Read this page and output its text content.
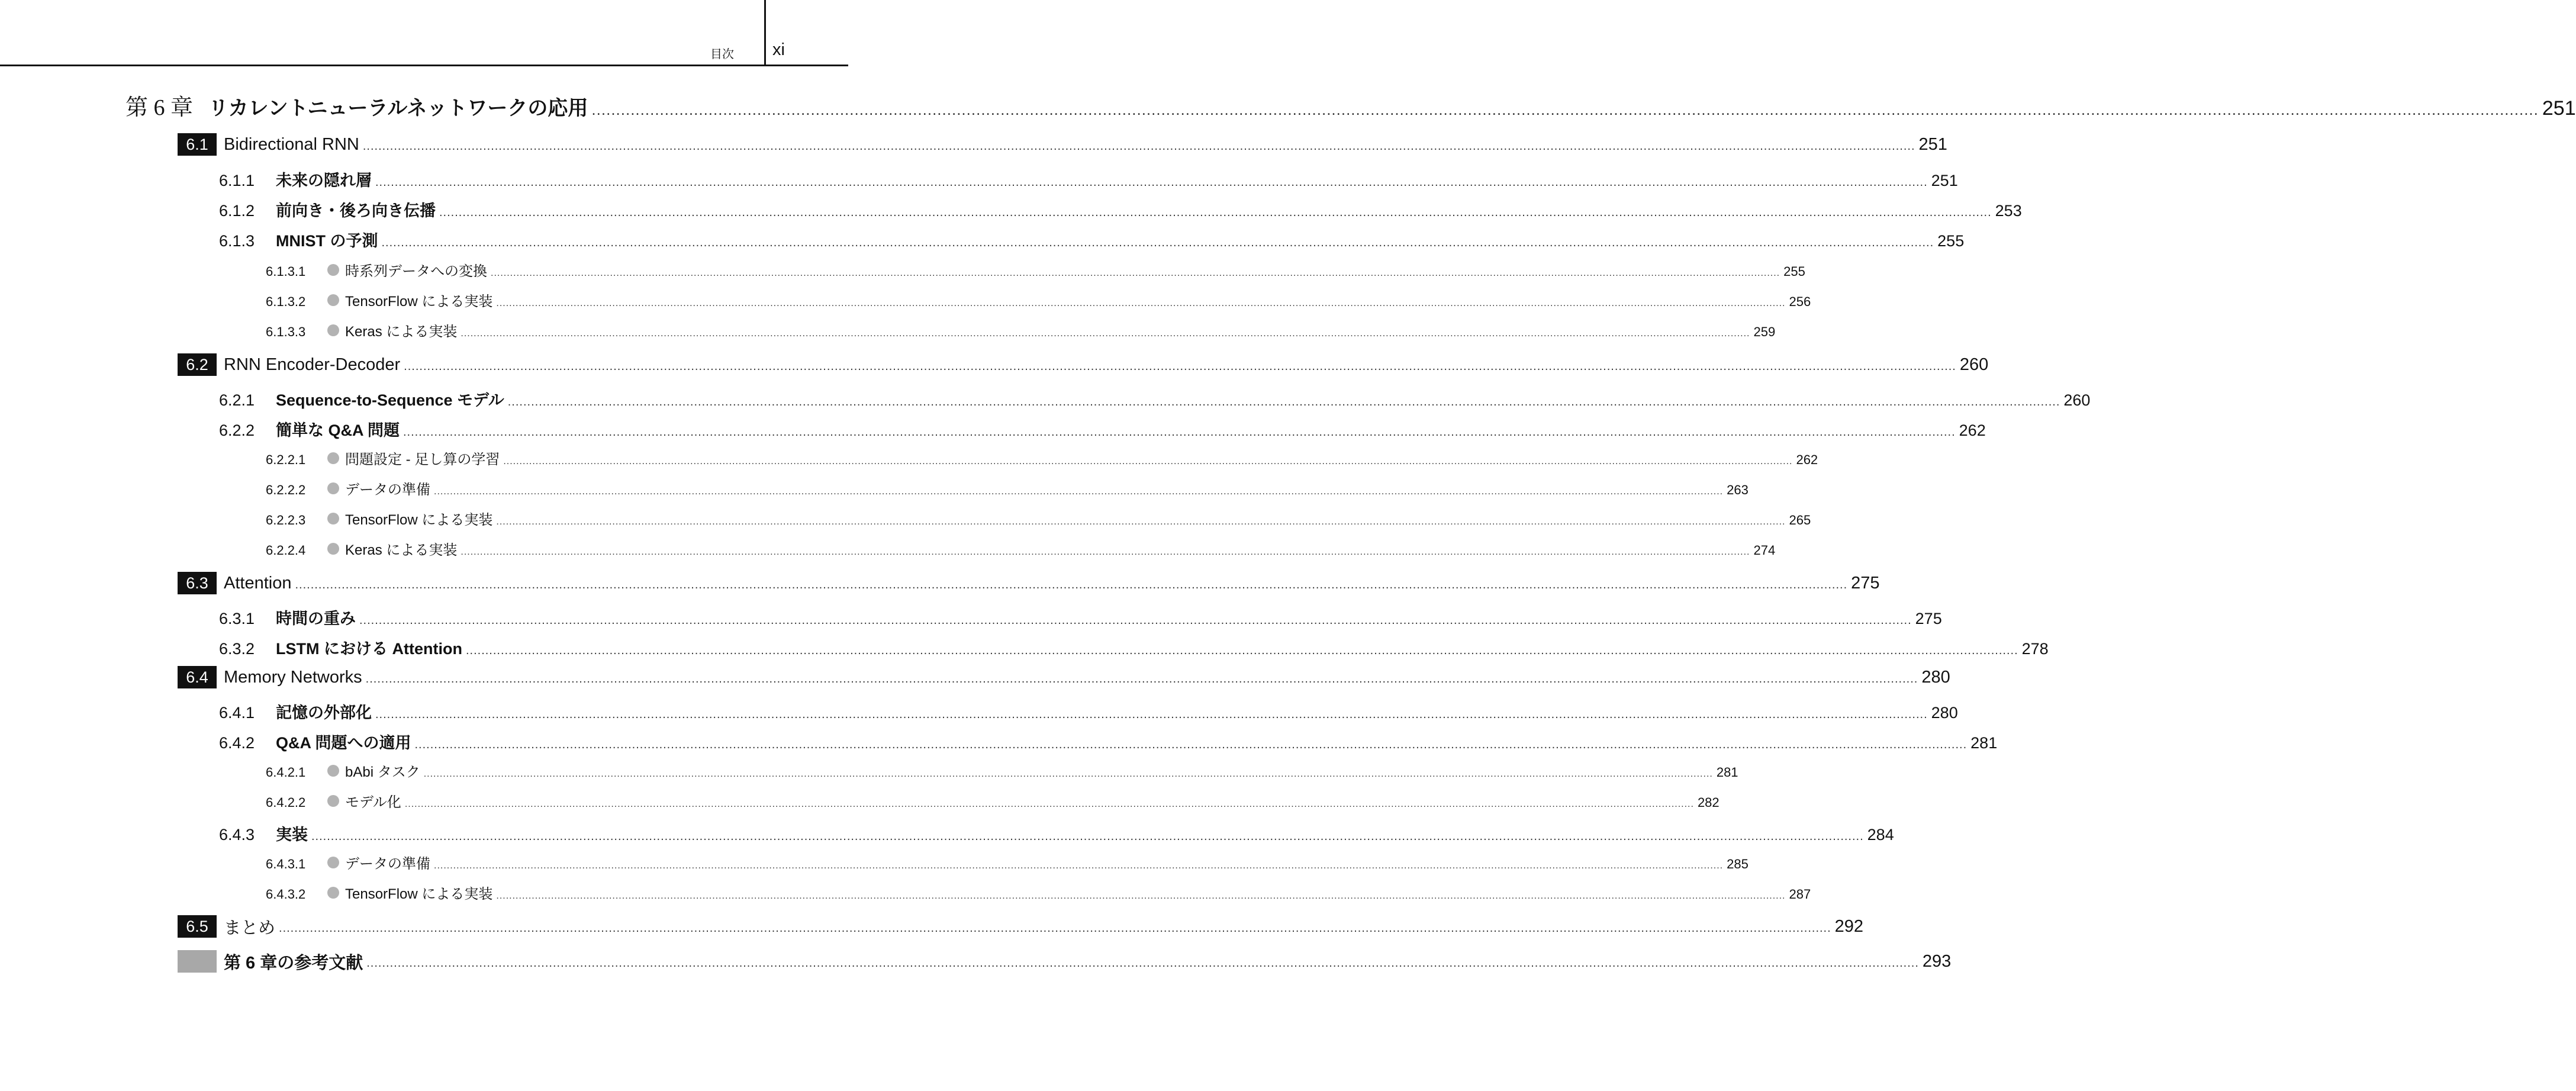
目次 xi
第 6 章 リカレントニューラルネットワークの応用 ................................................................................................................................................................................................................................................................................................................................................................................................................ 251
6.1 Bidirectional RNN ................................................................................................................................................................................................................................................................................................................................................................................................................ 251
6.1.1	未来の隠れ層 ................................................................................................................................................................................................................................................................................................................................................................................................................ 251
6.1.2	前向き・後ろ向き伝播 ................................................................................................................................................................................................................................................................................................................................................................................................................ 253
6.1.3	MNIST の予測 ................................................................................................................................................................................................................................................................................................................................................................................................................ 255
6.1.3.1	時系列データへの変換 ................................................................................................................................................................................................................................................................................................................................................................................................................ 255
6.1.3.2	TensorFlow による実装 ................................................................................................................................................................................................................................................................................................................................................................................................................ 256
6.1.3.3	Keras による実装 ................................................................................................................................................................................................................................................................................................................................................................................................................ 259
6.2 RNN Encoder-Decoder ................................................................................................................................................................................................................................................................................................................................................................................................................ 260
6.2.1	Sequence-to-Sequence モデル ................................................................................................................................................................................................................................................................................................................................................................................................................ 260
6.2.2	簡単な Q&A 問題 ................................................................................................................................................................................................................................................................................................................................................................................................................ 262
6.2.2.1	問題設定 - 足し算の学習 ................................................................................................................................................................................................................................................................................................................................................................................................................ 262
6.2.2.2	データの準備 ................................................................................................................................................................................................................................................................................................................................................................................................................ 263
6.2.2.3	TensorFlow による実装 ................................................................................................................................................................................................................................................................................................................................................................................................................ 265
6.2.2.4	Keras による実装 ................................................................................................................................................................................................................................................................................................................................................................................................................ 274
6.3 Attention ................................................................................................................................................................................................................................................................................................................................................................................................................ 275
6.3.1	時間の重み ................................................................................................................................................................................................................................................................................................................................................................................................................ 275
6.3.2	LSTM における Attention ................................................................................................................................................................................................................................................................................................................................................................................................................ 278
6.4 Memory Networks ................................................................................................................................................................................................................................................................................................................................................................................................................ 280
6.4.1	記憶の外部化 ................................................................................................................................................................................................................................................................................................................................................................................................................ 280
6.4.2	Q&A 問題への適用 ................................................................................................................................................................................................................................................................................................................................................................................................................ 281
6.4.2.1	bAbi タスク ................................................................................................................................................................................................................................................................................................................................................................................................................ 281
6.4.2.2	モデル化 ................................................................................................................................................................................................................................................................................................................................................................................................................ 282
6.4.3	実装 ................................................................................................................................................................................................................................................................................................................................................................................................................ 284
6.4.3.1	データの準備 ................................................................................................................................................................................................................................................................................................................................................................................................................ 285
6.4.3.2	TensorFlow による実装 ................................................................................................................................................................................................................................................................................................................................................................................................................ 287
6.5 まとめ ................................................................................................................................................................................................................................................................................................................................................................................................................ 292
第 6 章の参考文献 ................................................................................................................................................................................................................................................................................................................................................................................................................ 293
